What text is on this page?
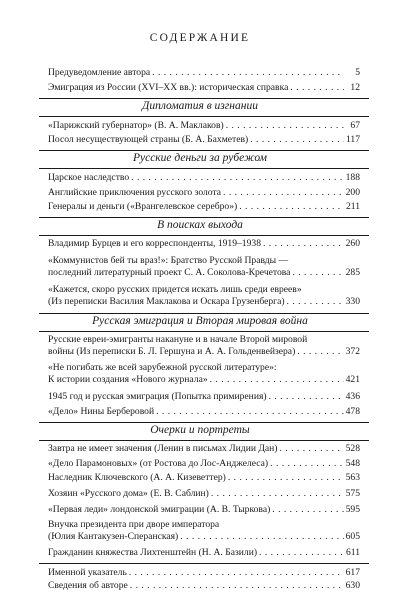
СОДЕРЖАНИЕ
Предуведомление автора . . .	5
Эмиграция из России (XVI–XX вв.): историческая справка . . .	12
Дипломатия в изгнании
«Парижский губернатор» (В. А. Маклаков) . . .	67
Посол несуществующей страны (Б. А. Бахметев) . . .	117
Русские деньги за рубежом
Царское наследство . . .	188
Английские приключения русского золота . . .	200
Генералы и деньги («Врангелевское серебро») . . .	211
В поисках выхода
Владимир Бурцев и его корреспонденты, 1919–1938 . . .	260
«Коммунистов бей ты враз!»: Братство Русской Правды —
последний литературный проект С. А. Соколова-Кречетова . . .	285
«Кажется, скоро русских придется искать лишь среди евреев»
(Из переписки Василия Маклакова и Оскара Грузенберга) . . .	330
Русская эмиграция и Вторая мировая война
Русские евреи-эмигранты накануне и в начале Второй мировой
войны (Из переписки Б. Л. Гершуна и А. А. Гольденвейзера) . . .	372
«Не погибать же всей зарубежной русской литературе»:
К истории создания «Нового журнала» . . .	421
1945 год и русская эмиграция (Попытка примирения) . . .	436
«Дело» Нины Берберовой . . .	478
Очерки и портреты
Завтра не имеет значения (Ленин в письмах Лидии Дан) . . .	528
«Дело Парамоновых» (от Ростова до Лос-Анджелеса) . . .	548
Наследник Ключевского (А. А. Кизеветтер) . . .	563
Хозяин «Русского дома» (Е. В. Саблин) . . .	575
«Первая леди» лондонской эмиграции (А. В. Тыркова) . . .	595
Внучка президента при дворе императора
(Юлия Кантакузен-Сперанская) . . .	605
Гражданин княжества Лихтенштейн (Н. А. Базили) . . .	611
Именной указатель . . .	617
Сведения об авторе . . .	630
